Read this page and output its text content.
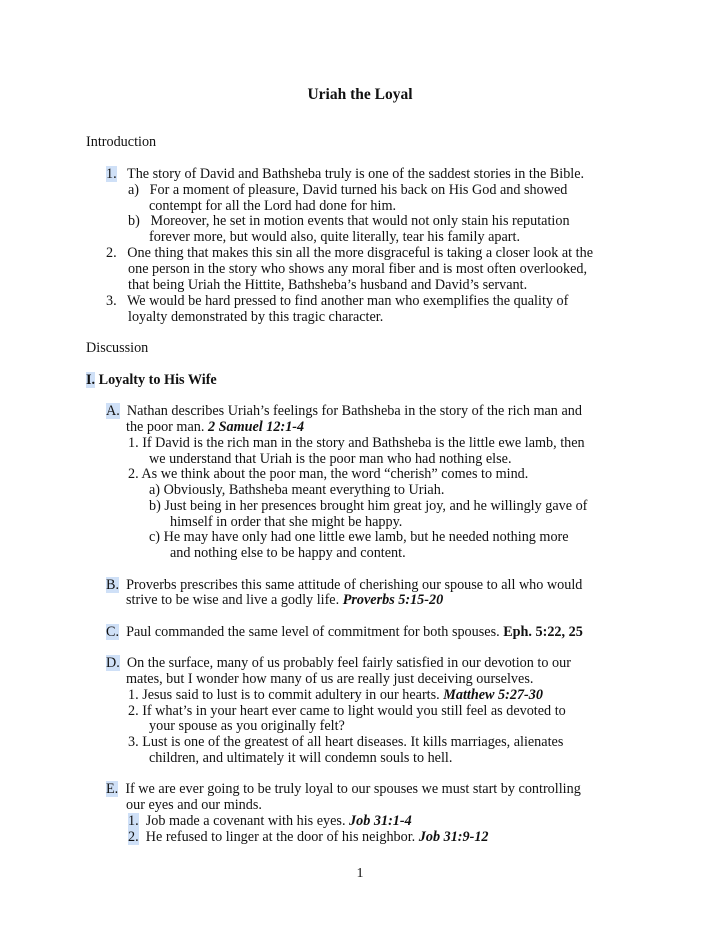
Uriah the Loyal
Introduction
1. The story of David and Bathsheba truly is one of the saddest stories in the Bible.
a) For a moment of pleasure, David turned his back on His God and showed
contempt for all the Lord had done for him.
b) Moreover, he set in motion events that would not only stain his reputation
forever more, but would also, quite literally, tear his family apart.
2. One thing that makes this sin all the more disgraceful is taking a closer look at the
one person in the story who shows any moral fiber and is most often overlooked,
that being Uriah the Hittite, Bathsheba’s husband and David’s servant.
3. We would be hard pressed to find another man who exemplifies the quality of
loyalty demonstrated by this tragic character.
Discussion
I. Loyalty to His Wife
A. Nathan describes Uriah’s feelings for Bathsheba in the story of the rich man and
the poor man. 2 Samuel 12:1-4
1. If David is the rich man in the story and Bathsheba is the little ewe lamb, then
we understand that Uriah is the poor man who had nothing else.
2. As we think about the poor man, the word “cherish” comes to mind.
a) Obviously, Bathsheba meant everything to Uriah.
b) Just being in her presences brought him great joy, and he willingly gave of
himself in order that she might be happy.
c) He may have only had one little ewe lamb, but he needed nothing more
and nothing else to be happy and content.
B. Proverbs prescribes this same attitude of cherishing our spouse to all who would
strive to be wise and live a godly life. Proverbs 5:15-20
C. Paul commanded the same level of commitment for both spouses. Eph. 5:22, 25
D. On the surface, many of us probably feel fairly satisfied in our devotion to our
mates, but I wonder how many of us are really just deceiving ourselves.
1. Jesus said to lust is to commit adultery in our hearts. Matthew 5:27-30
2. If what’s in your heart ever came to light would you still feel as devoted to
your spouse as you originally felt?
3. Lust is one of the greatest of all heart diseases. It kills marriages, alienates
children, and ultimately it will condemn souls to hell.
E. If we are ever going to be truly loyal to our spouses we must start by controlling
our eyes and our minds.
1. Job made a covenant with his eyes. Job 31:1-4
2. He refused to linger at the door of his neighbor. Job 31:9-12
1
